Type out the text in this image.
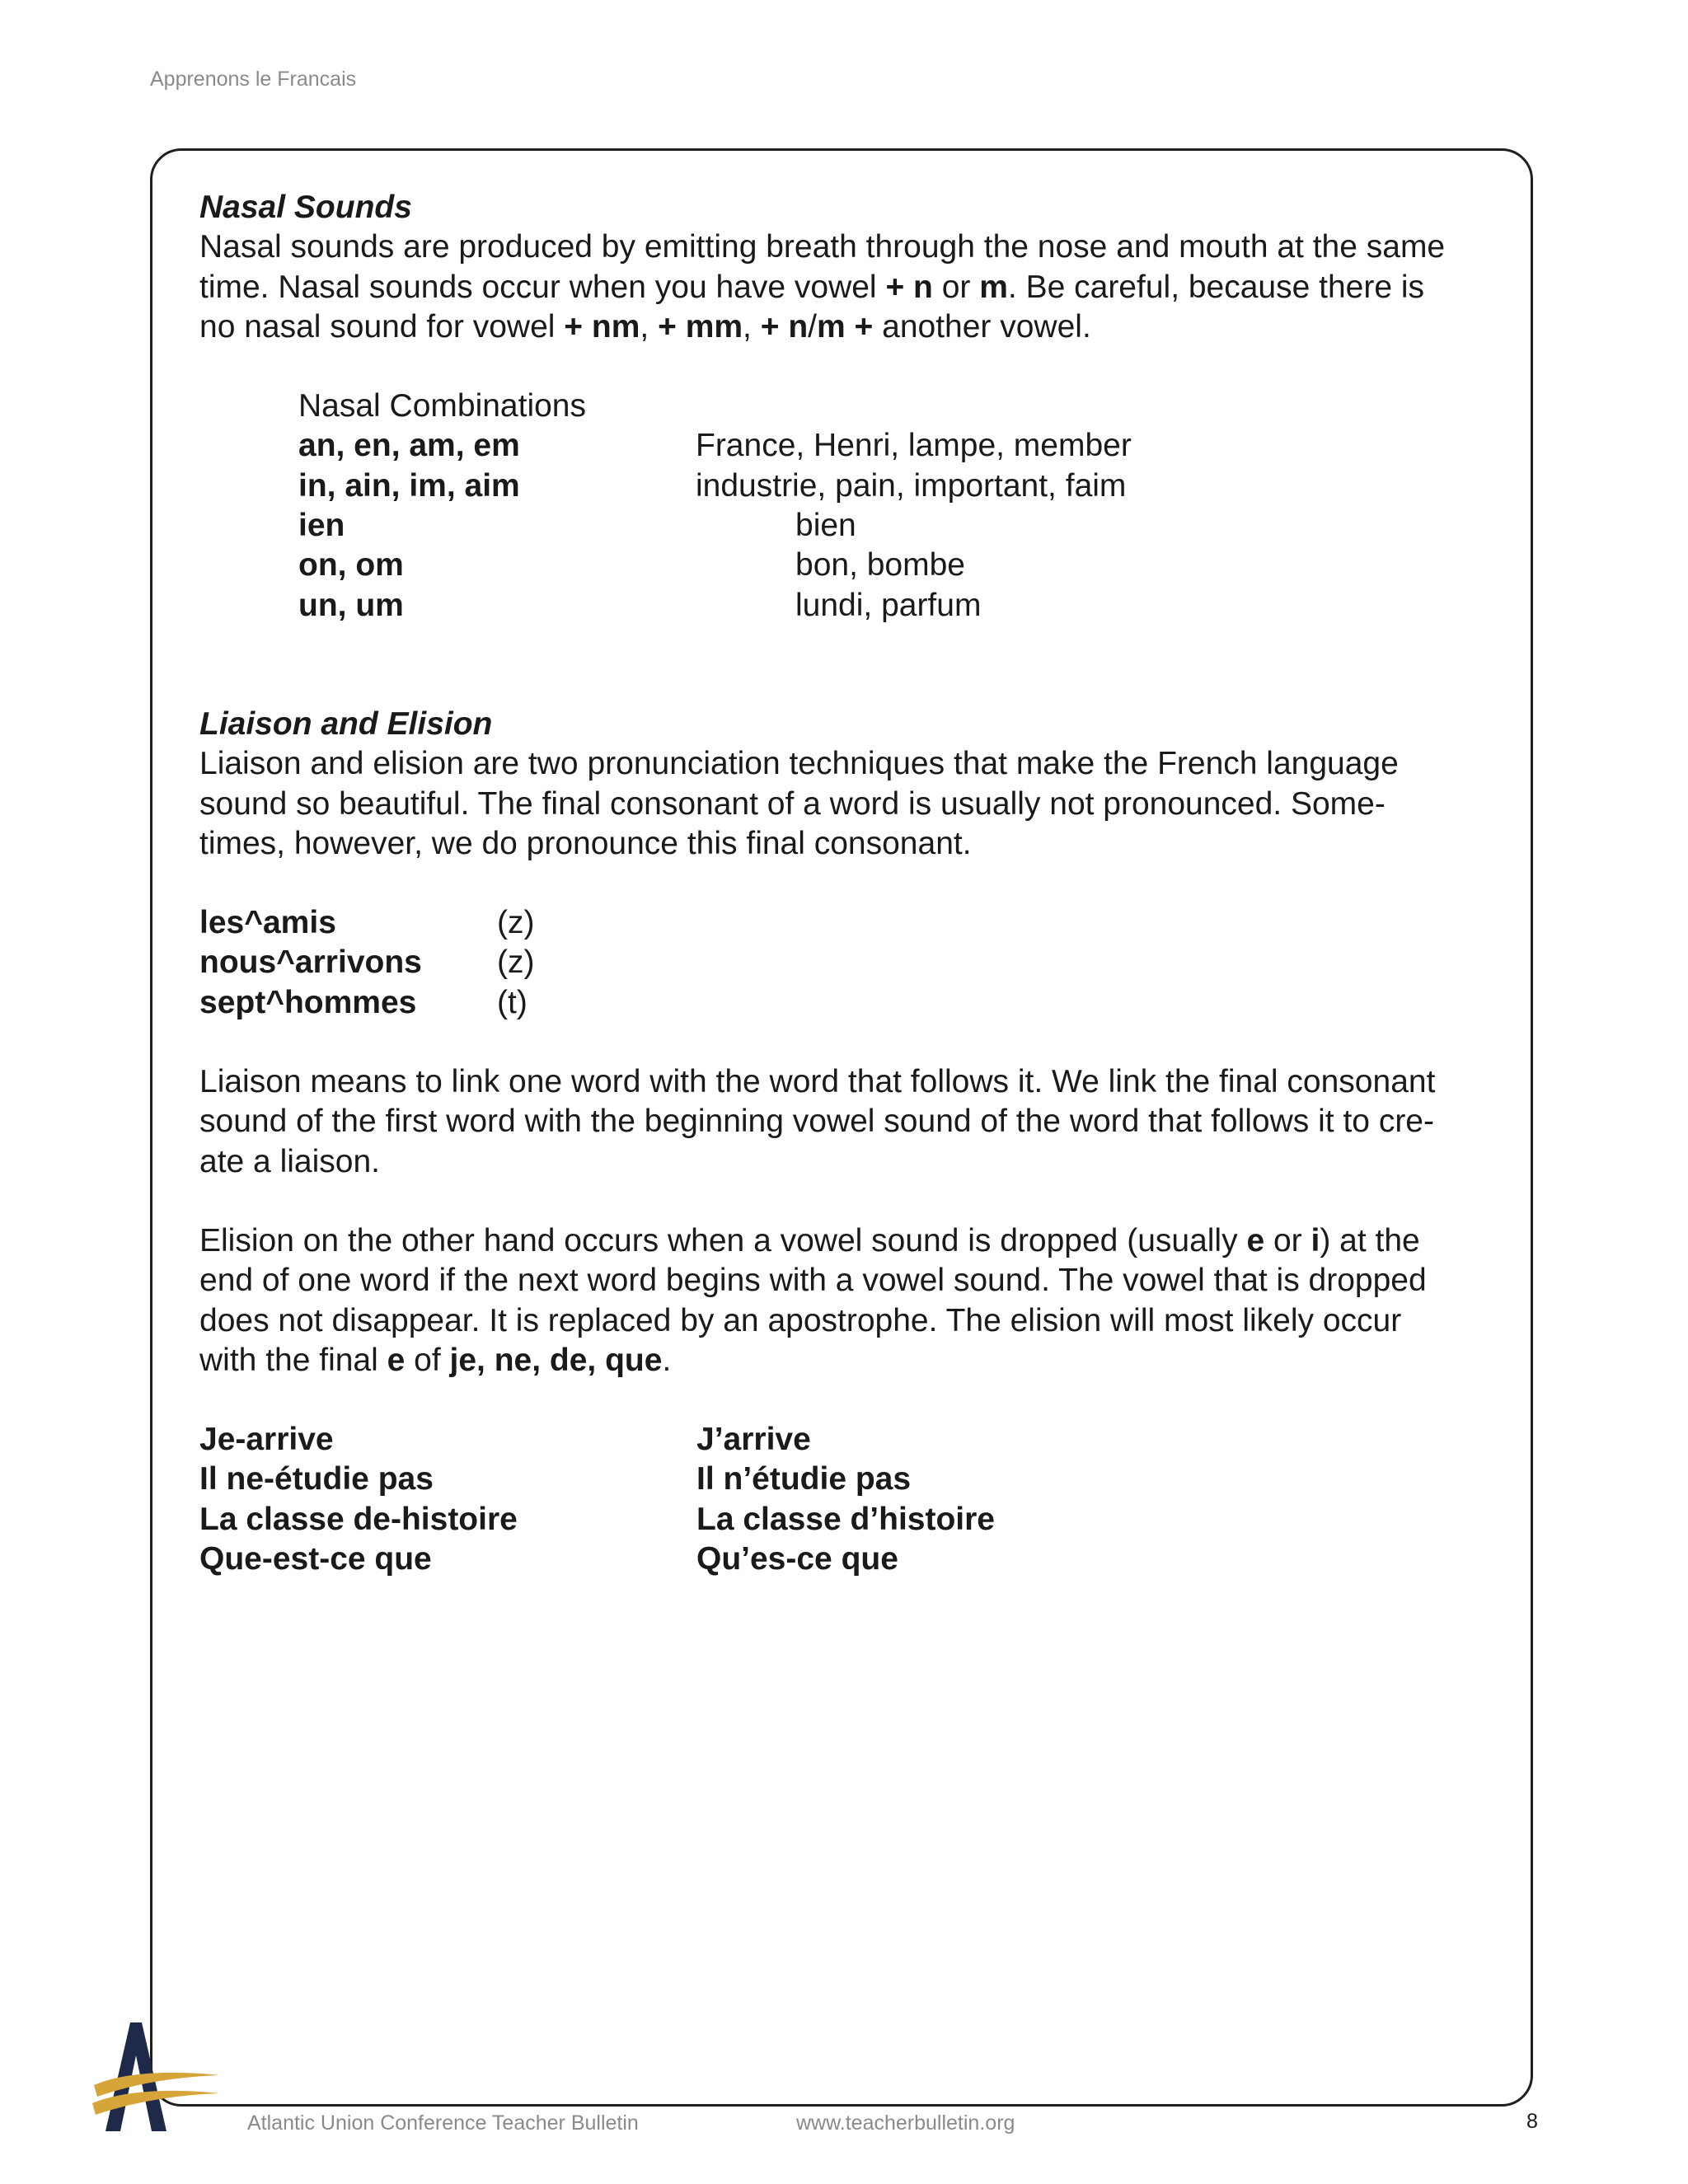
Apprenons le Francais

Nasal Sounds

Nasal sounds are produced by emitting breath through the nose and mouth at the same

time. Nasal sounds occur when you have vowel + n or m. Be careful, because there is

no nasal sound for vowel + nm, + mm, + n/m + another vowel.

Nasal Combinations

an, en, am, em	France, Henri, lampe, member
in, ain, im, aim	industrie, pain, important, faim
ien	bien
on, om	bon, bombe
un, um	lundi, parfum

Liaison and Elision

Liaison and elision are two pronunciation techniques that make the French language

sound so beautiful. The final consonant of a word is usually not pronounced. Some-

times, however, we do pronounce this final consonant.

les^amis	(z)
nous^arrivons	(z)
sept^hommes	(t)

Liaison means to link one word with the word that follows it. We link the final consonant

sound of the first word with the beginning vowel sound of the word that follows it to cre-

ate a liaison.

Elision on the other hand occurs when a vowel sound is dropped (usually e or i) at the

end of one word if the next word begins with a vowel sound. The vowel that is dropped

does not disappear. It is replaced by an apostrophe. The elision will most likely occur

with the final e of je, ne, de, que.

Je-arrive	J’arrive
Il ne-étudie pas	Il n’étudie pas
La classe de-histoire	La classe d’histoire
Que-est-ce que	Qu’es-ce que
Atlantic Union Conference Teacher Bulletin	www.teacherbulletin.org	8
